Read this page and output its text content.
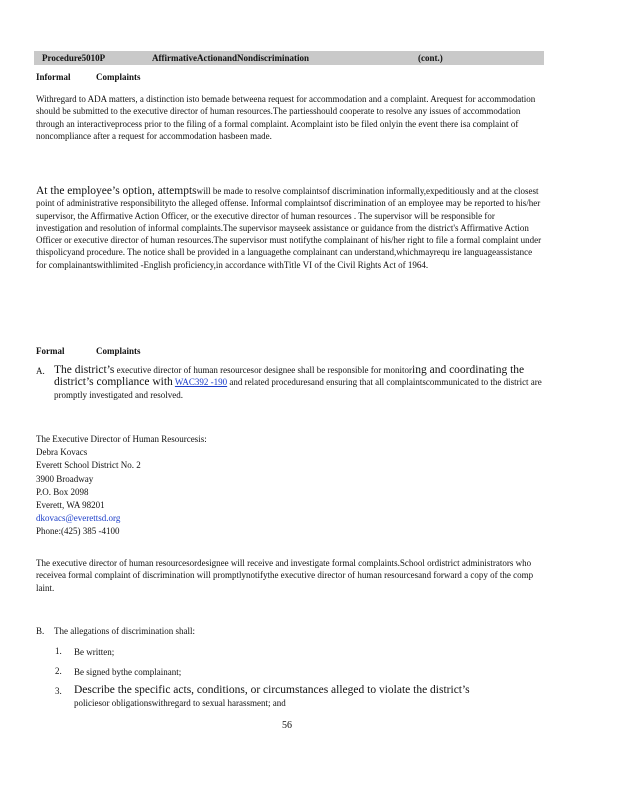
Procedure5010P	AffirmativeActionandNondiscrimination	(cont.)
Informal	Complaints

Withregard to ADA matters, a distinction isto bemade betweena request for accommodation and a complaint. Arequest for accommodation should be submitted to the executive director of human resources.The partiesshould cooperate to resolve any issues of accommodation through an interactiveprocess prior to the filing of a formal complaint. Acomplaint isto be filed onlyin the event there isa complaint of noncompliance after a request for accommodation hasbeen made.

At the employee’s option, attemptswill be made to resolve complaintsof discrimination informally,expeditiously and at the closest point of administrative responsibilityto the alleged offense. Informal complaintsof discrimination of an employee may be reported to his/her supervisor, the Affirmative Action Officer, or the executive director of human resources . The supervisor will be responsible for investigation and resolution of informal complaints.The supervisor mayseek assistance or guidance from the district's Affirmative Action Officer or executive director of human resources.The supervisor must notifythe complainant of his/her right to file a formal complaint under thispolicyand procedure. The notice shall be provided in a languagethe complainant can understand,whichmayrequ ire languageassistance for complainantswithlimited -English proficiency,in accordance withTitle VI of the Civil Rights Act of 1964.

Formal	Complaints
A. The district’s executive director of human resourcesor designee shall be responsible for monitoring and coordinating the district’s compliance with WAC392 -190 and related proceduresand ensuring that all complaintscommunicated to the district are promptly investigated and resolved.

The Executive Director of Human Resourcesis:
Debra Kovacs
Everett School District No. 2
3900 Broadway
P.O. Box 2098
Everett, WA 98201
dkovacs@everettsd.org
Phone:(425) 385 -4100

The executive director of human resourcesordesignee will receive and investigate formal complaints.School ordistrict administrators who receivea formal complaint of discrimination will promptlynotifythe executive director of human resourcesand forward a copy of the comp laint.

B. The allegations of discrimination shall:
1. Be written;
2. Be signed bythe complainant;
3. Describe the specific acts, conditions, or circumstances alleged to violate the district’s
policiesor obligationswithregard to sexual harassment; and
56
